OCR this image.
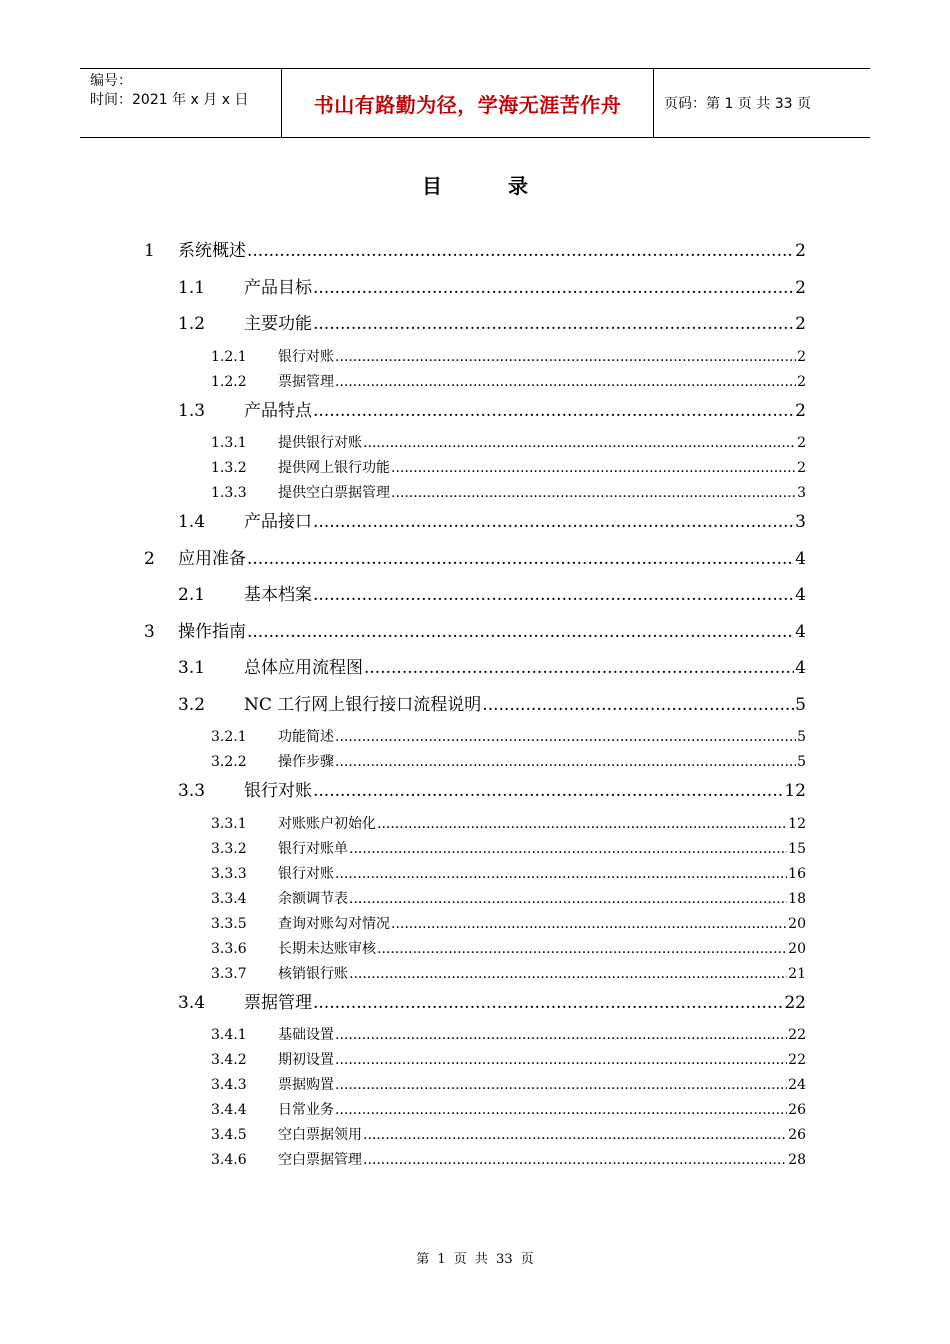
编号：
时间：2021 年 x 月 x 日	书山有路勤为径，学海无涯苦作舟	页码：第 1 页 共 33 页
目	录
1	系统概述 .....	2
1.1	产品目标 .....	2
1.2	主要功能 .....	2
1.2.1	银行对账 .....	2
1.2.2	票据管理 .....	2
1.3	产品特点 .....	2
1.3.1	提供银行对账 .....	2
1.3.2	提供网上银行功能 .....	2
1.3.3	提供空白票据管理 .....	3
1.4	产品接口 .....	3
2	应用准备 .....	4
2.1	基本档案 .....	4
3	操作指南 .....	4
3.1	总体应用流程图 .....	4
3.2	NC 工行网上银行接口流程说明 .....	5
3.2.1	功能简述 .....	5
3.2.2	操作步骤 .....	5
3.3	银行对账 .....	12
3.3.1	对账账户初始化 .....	12
3.3.2	银行对账单 .....	15
3.3.3	银行对账 .....	16
3.3.4	余额调节表 .....	18
3.3.5	查询对账勾对情况 .....	20
3.3.6	长期未达账审核 .....	20
3.3.7	核销银行账 .....	21
3.4	票据管理 .....	22
3.4.1	基础设置 .....	22
3.4.2	期初设置 .....	22
3.4.3	票据购置 .....	24
3.4.4	日常业务 .....	26
3.4.5	空白票据领用 .....	26
3.4.6	空白票据管理 .....	28
第 1 页 共 33 页
